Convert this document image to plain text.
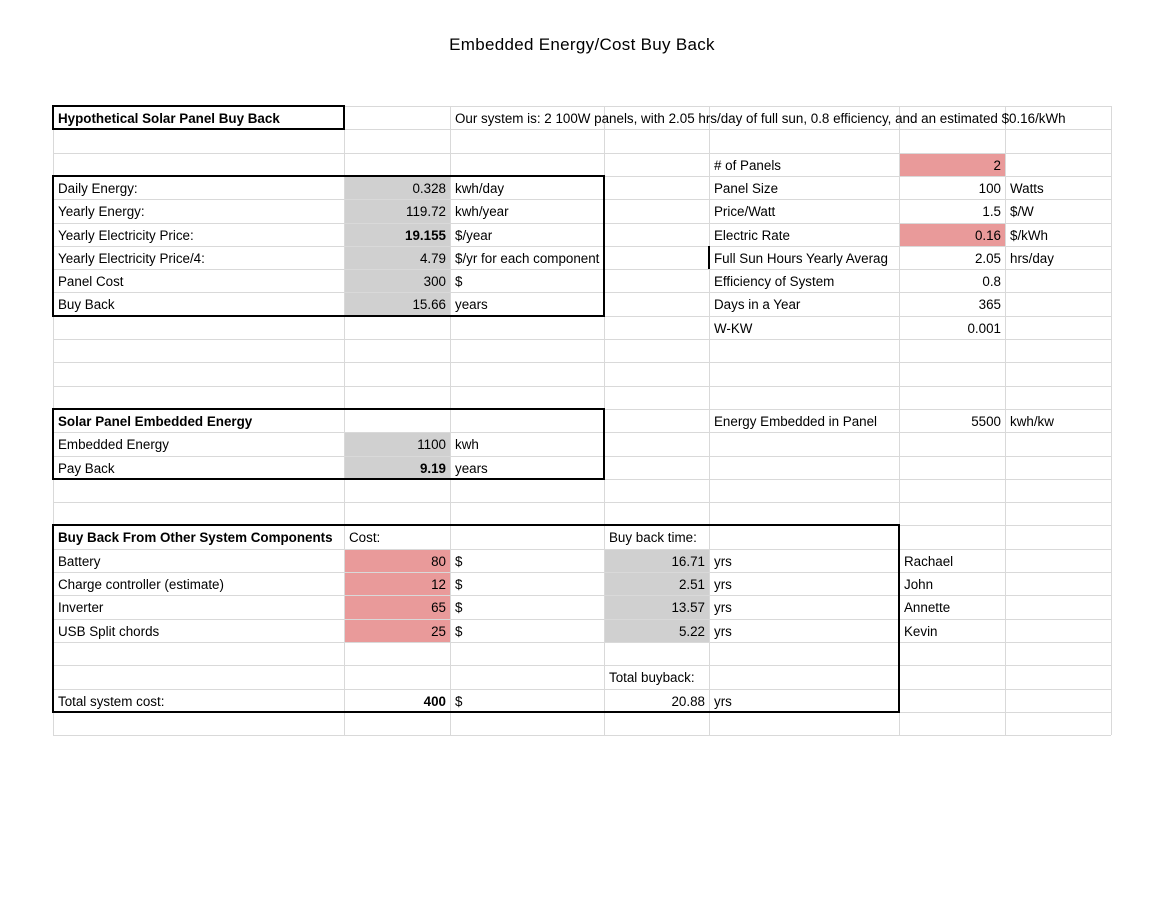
Embedded Energy/Cost Buy Back
Hypothetical Solar Panel Buy Back	Our system is: 2 100W panels, with 2.05 hrs/day of full sun, 0.8 efficiency, and an estimated $0.16/kWh
Daily Energy:	0.328 kwh/day
Yearly Energy:	119.72 kwh/year
Yearly Electricity Price:	19.155 $/year
Yearly Electricity Price/4:	4.79 $/yr for each component
Panel Cost	300 $
Buy Back	15.66 years
# of Panels	2
Panel Size	100 Watts
Price/Watt	1.5 $/W
Electric Rate	0.16 $/kWh
Full Sun Hours Yearly Averag	2.05 hrs/day
Efficiency of System	0.8
Days in a Year	365
W-KW	0.001
Solar Panel Embedded Energy
Embedded Energy	1100 kwh
Pay Back	9.19 years
Energy Embedded in Panel	5500 kwh/kw
Buy Back From Other System Components	Cost:	Buy back time:
Battery	80 $	16.71 yrs	Rachael
Charge controller (estimate)	12 $	2.51 yrs	John
Inverter	65 $	13.57 yrs	Annette
USB Split chords	25 $	5.22 yrs	Kevin
Total buyback:
Total system cost:	400 $	20.88 yrs
